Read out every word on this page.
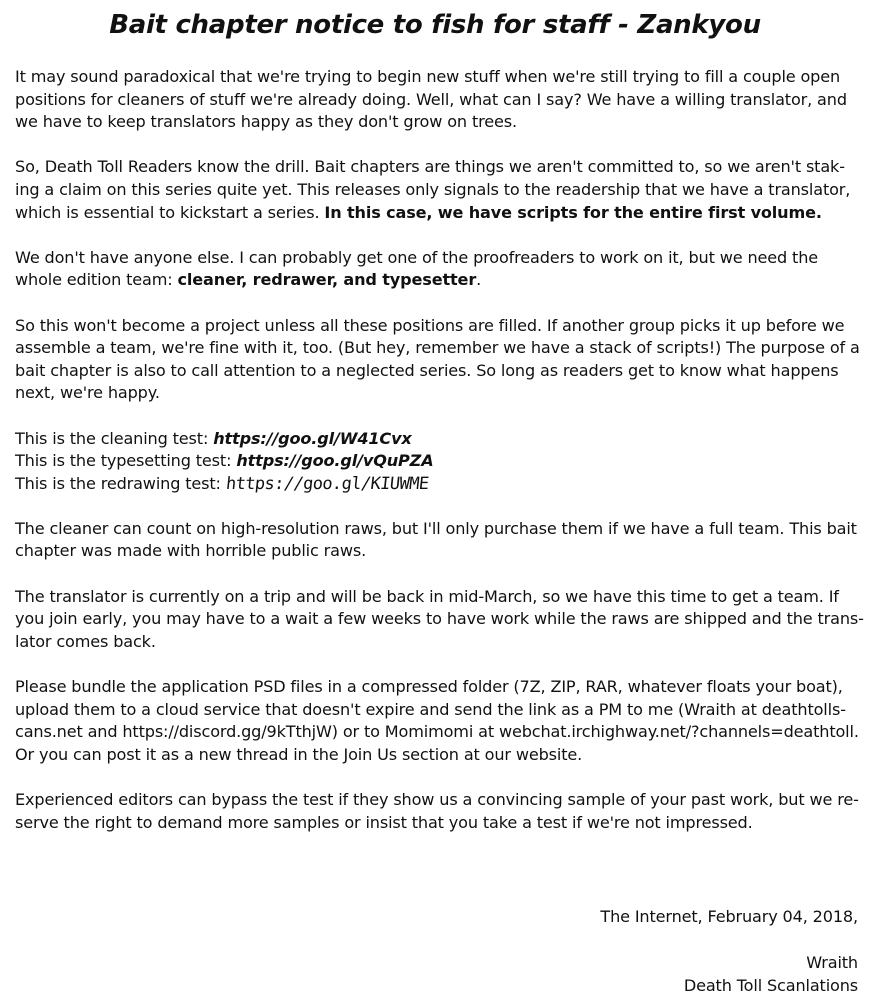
Bait chapter notice to fish for staff - Zankyou

It may sound paradoxical that we're trying to begin new stuff when we're still trying to fill a couple open
positions for cleaners of stuff we're already doing. Well, what can I say? We have a willing translator, and
we have to keep translators happy as they don't grow on trees.

So, Death Toll Readers know the drill. Bait chapters are things we aren't committed to, so we aren't stak-
ing a claim on this series quite yet. This releases only signals to the readership that we have a translator,
which is essential to kickstart a series. In this case, we have scripts for the entire first volume.

We don't have anyone else. I can probably get one of the proofreaders to work on it, but we need the
whole edition team: cleaner, redrawer, and typesetter.

So this won't become a project unless all these positions are filled. If another group picks it up before we
assemble a team, we're fine with it, too. (But hey, remember we have a stack of scripts!) The purpose of a
bait chapter is also to call attention to a neglected series. So long as readers get to know what happens
next, we're happy.

This is the cleaning test: https://goo.gl/W41Cvx
This is the typesetting test: https://goo.gl/vQuPZA
This is the redrawing test: https://goo.gl/KIUWME

The cleaner can count on high-resolution raws, but I'll only purchase them if we have a full team. This bait
chapter was made with horrible public raws.

The translator is currently on a trip and will be back in mid-March, so we have this time to get a team. If
you join early, you may have to a wait a few weeks to have work while the raws are shipped and the trans-
lator comes back.

Please bundle the application PSD files in a compressed folder (7Z, ZIP, RAR, whatever floats your boat),
upload them to a cloud service that doesn't expire and send the link as a PM to me (Wraith at deathtolls-
cans.net and https://discord.gg/9kTthjW) or to Momimomi at webchat.irchighway.net/?channels=deathtoll.
Or you can post it as a new thread in the Join Us section at our website.

Experienced editors can bypass the test if they show us a convincing sample of your past work, but we re-
serve the right to demand more samples or insist that you take a test if we're not impressed.

The Internet, February 04, 2018,
Wraith
Death Toll Scanlations
